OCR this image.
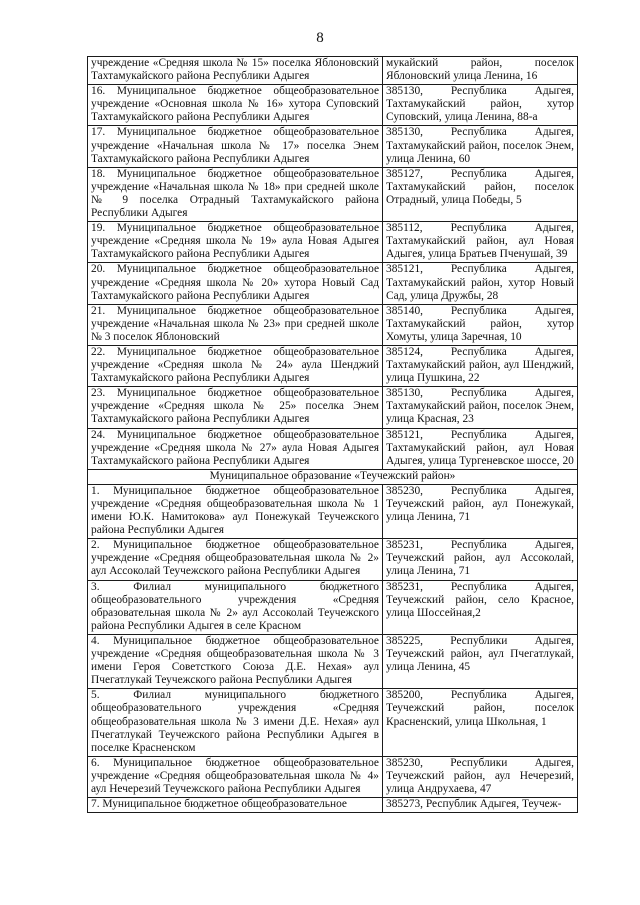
8
учреждение «Средняя школа № 15» поселка Яблоновский Тахтамукайского района Республики Адыгея	мукайский район, поселок Яблоновский улица Ленина, 16
16. Муниципальное бюджетное общеобразовательное учреждение «Основная школа № 16» хутора Суповский Тахтамукайского района Республики Адыгея	385130, Республика Адыгея, Тахтамукайский район, хутор Суповский, улица Ленина, 88-а
17. Муниципальное бюджетное общеобразовательное учреждение «Начальная школа № 17» поселка Энем Тахтамукайского района Республики Адыгея	385130, Республика Адыгея, Тахтамукайский район, поселок Энем, улица Ленина, 60
18. Муниципальное бюджетное общеобразовательное учреждение «Начальная школа № 18» при средней школе № 9 поселка Отрадный Тахтамукайского района Республики Адыгея	385127, Республика Адыгея, Тахтамукайский район, поселок Отрадный, улица Победы, 5
19. Муниципальное бюджетное общеобразовательное учреждение «Средняя школа № 19» аула Новая Адыгея Тахтамукайского района Республики Адыгея	385112, Республика Адыгея, Тахтамукайский район, аул Новая Адыгея, улица Братьев Пченушай, 39
20. Муниципальное бюджетное общеобразовательное учреждение «Средняя школа № 20» хутора Новый Сад Тахтамукайского района Республики Адыгея	385121, Республика Адыгея, Тахтамукайский район, хутор Новый Сад, улица Дружбы, 28
21. Муниципальное бюджетное общеобразовательное учреждение «Начальная школа № 23» при средней школе № 3 поселок Яблоновский	385140, Республика Адыгея, Тахтамукайский район, хутор Хомуты, улица Заречная, 10
22. Муниципальное бюджетное общеобразовательное учреждение «Средняя школа № 24» аула Шенджий Тахтамукайского района Республики Адыгея	385124, Республика Адыгея, Тахтамукайский район, аул Шенджий, улица Пушкина, 22
23. Муниципальное бюджетное общеобразовательное учреждение «Средняя школа № 25» поселка Энем Тахтамукайского района Республики Адыгея	385130, Республика Адыгея, Тахтамукайский район, поселок Энем, улица Красная, 23
24. Муниципальное бюджетное общеобразовательное учреждение «Средняя школа № 27» аула Новая Адыгея Тахтамукайского района Республики Адыгея	385121, Республика Адыгея, Тахтамукайский район, аул Новая Адыгея, улица Тургеневское шоссе, 20
Муниципальное образование «Теучежский район»	
1. Муниципальное бюджетное общеобразовательное учреждение «Средняя общеобразовательная школа № 1 имени Ю.К. Намитокова» аул Понежукай Теучежского района Республики Адыгея	385230, Республика Адыгея, Теучежский район, аул Понежукай, улица Ленина, 71
2. Муниципальное бюджетное общеобразовательное учреждение «Средняя общеобразовательная школа № 2» аул Ассоколай Теучежского района Республики Адыгея	385231, Республика Адыгея, Теучежский район, аул Ассоколай, улица Ленина, 71
3. Филиал муниципального бюджетного общеобразовательного учреждения «Средняя образовательная школа № 2» аул Ассоколай Теучежского района Республики Адыгея в селе Красном	385231, Республика Адыгея, Теучежский район, село Красное, улица Шоссейная,2
4. Муниципальное бюджетное общеобразовательное учреждение «Средняя общеобразовательная школа № 3 имени Героя Советсткого Союза Д.Е. Нехая» аул Пчегатлукай Теучежского района Республики Адыгея	385225, Республики Адыгея, Теучежский район, аул Пчегатлукай, улица Ленина, 45
5. Филиал муниципального бюджетного общеобразовательного учреждения «Средняя общеобразовательная школа № 3 имени Д.Е. Нехая» аул Пчегатлукай Теучежского района Республики Адыгея в поселке Красненском	385200, Республика Адыгея, Теучежский район, поселок Красненский, улица Школьная, 1
6. Муниципальное бюджетное общеобразовательное учреждение «Средняя общеобразовательная школа № 4» аул Нечерезий Теучежского района Республики Адыгея	385230, Республики Адыгея, Теучежский район, аул Нечерезий, улица Андрухаева, 47
7. Муниципальное бюджетное общеобразовательное	385273, Республик Адыгея, Теучеж-
